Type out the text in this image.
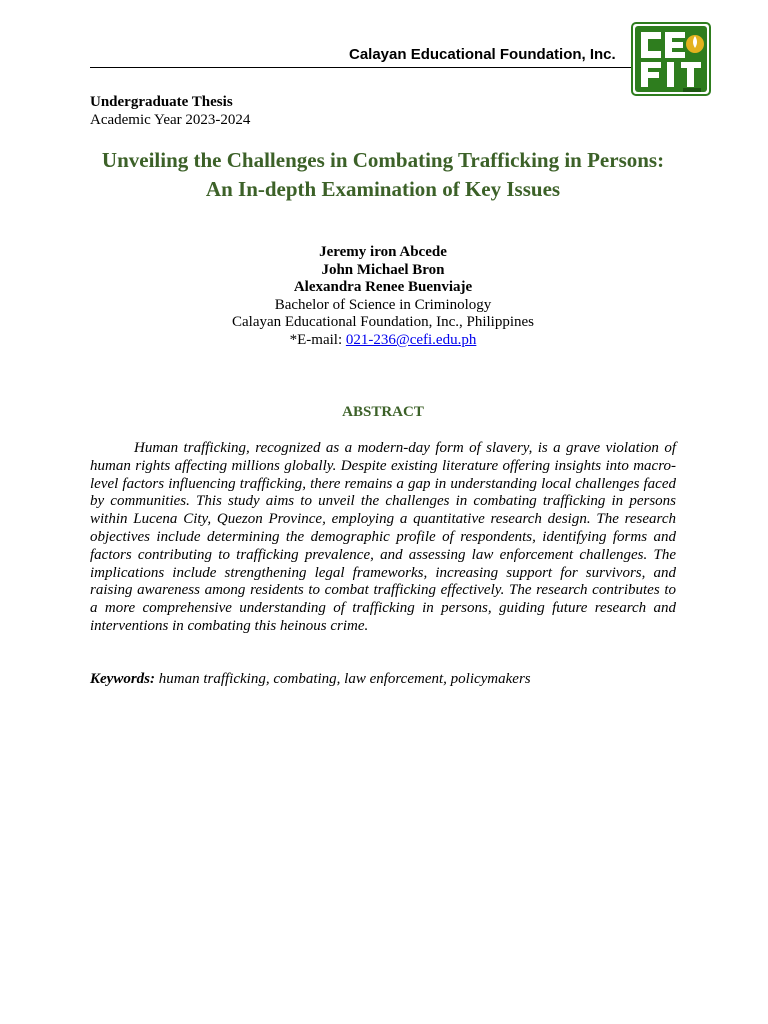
Calayan Educational Foundation, Inc.
Undergraduate Thesis
Academic Year 2023-2024
Unveiling the Challenges in Combating Trafficking in Persons: An In-depth Examination of Key Issues
Jeremy iron Abcede
John Michael Bron
Alexandra Renee Buenviaje
Bachelor of Science in Criminology
Calayan Educational Foundation, Inc., Philippines
*E-mail: 021-236@cefi.edu.ph
ABSTRACT

Human trafficking, recognized as a modern-day form of slavery, is a grave violation of human rights affecting millions globally. Despite existing literature offering insights into macro-level factors influencing trafficking, there remains a gap in understanding local challenges faced by communities. This study aims to unveil the challenges in combating trafficking in persons within Lucena City, Quezon Province, employing a quantitative research design. The research objectives include determining the demographic profile of respondents, identifying forms and factors contributing to trafficking prevalence, and assessing law enforcement challenges. The implications include strengthening legal frameworks, increasing support for survivors, and raising awareness among residents to combat trafficking effectively. The research contributes to a more comprehensive understanding of trafficking in persons, guiding future research and interventions in combating this heinous crime.

Keywords: human trafficking, combating, law enforcement, policymakers
